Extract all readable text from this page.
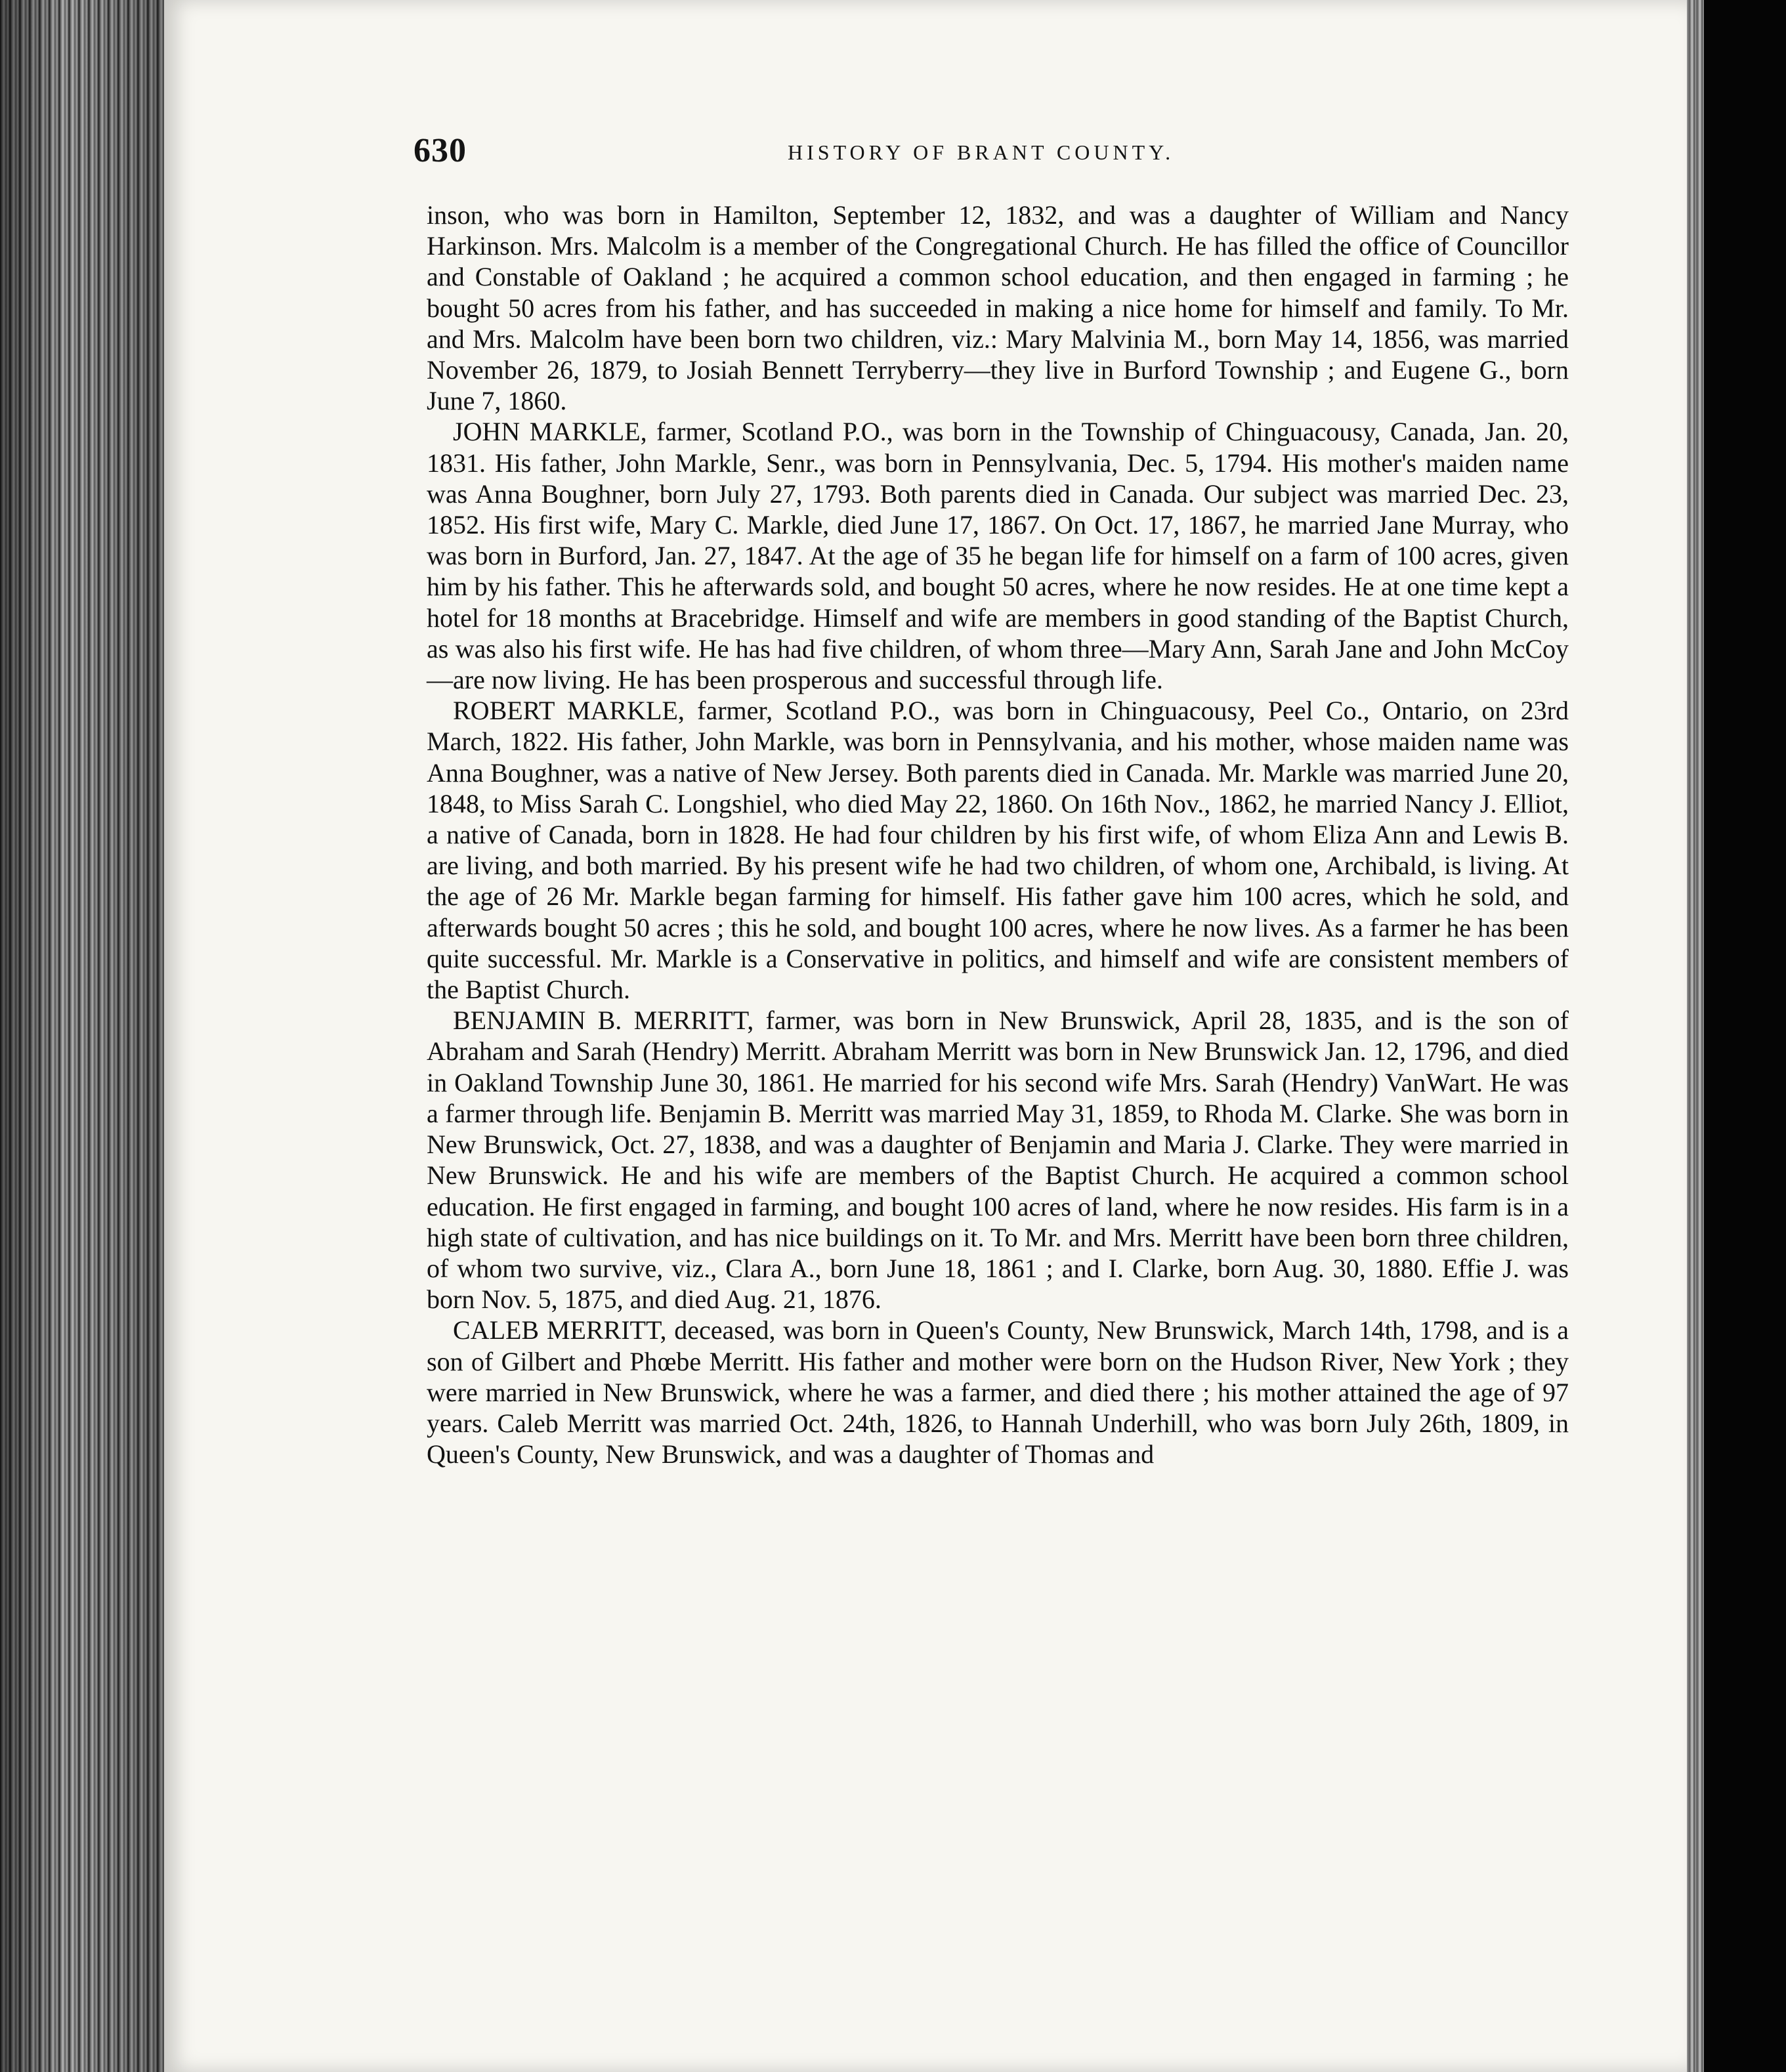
630	HISTORY OF BRANT COUNTY.

inson, who was born in Hamilton, September 12, 1832, and was a daughter of William and Nancy Harkinson. Mrs. Malcolm is a member of the Congregational Church. He has filled the office of Councillor and Constable of Oakland ; he acquired a common school education, and then engaged in farming ; he bought 50 acres from his father, and has succeeded in making a nice home for himself and family. To Mr. and Mrs. Malcolm have been born two children, viz.: Mary Malvinia M., born May 14, 1856, was married November 26, 1879, to Josiah Bennett Terryberry—they live in Burford Township ; and Eugene G., born June 7, 1860.

JOHN MARKLE, farmer, Scotland P.O., was born in the Township of Chinguacousy, Canada, Jan. 20, 1831. His father, John Markle, Senr., was born in Pennsylvania, Dec. 5, 1794. His mother's maiden name was Anna Boughner, born July 27, 1793. Both parents died in Canada. Our subject was married Dec. 23, 1852. His first wife, Mary C. Markle, died June 17, 1867. On Oct. 17, 1867, he married Jane Murray, who was born in Burford, Jan. 27, 1847. At the age of 35 he began life for himself on a farm of 100 acres, given him by his father. This he afterwards sold, and bought 50 acres, where he now resides. He at one time kept a hotel for 18 months at Bracebridge. Himself and wife are members in good standing of the Baptist Church, as was also his first wife. He has had five children, of whom three—Mary Ann, Sarah Jane and John McCoy—are now living. He has been prosperous and successful through life.

ROBERT MARKLE, farmer, Scotland P.O., was born in Chinguacousy, Peel Co., Ontario, on 23rd March, 1822. His father, John Markle, was born in Pennsylvania, and his mother, whose maiden name was Anna Boughner, was a native of New Jersey. Both parents died in Canada. Mr. Markle was married June 20, 1848, to Miss Sarah C. Longshiel, who died May 22, 1860. On 16th Nov., 1862, he married Nancy J. Elliot, a native of Canada, born in 1828. He had four children by his first wife, of whom Eliza Ann and Lewis B. are living, and both married. By his present wife he had two children, of whom one, Archibald, is living. At the age of 26 Mr. Markle began farming for himself. His father gave him 100 acres, which he sold, and afterwards bought 50 acres ; this he sold, and bought 100 acres, where he now lives. As a farmer he has been quite successful. Mr. Markle is a Conservative in politics, and himself and wife are consistent members of the Baptist Church.

BENJAMIN B. MERRITT, farmer, was born in New Brunswick, April 28, 1835, and is the son of Abraham and Sarah (Hendry) Merritt. Abraham Merritt was born in New Brunswick Jan. 12, 1796, and died in Oakland Township June 30, 1861. He married for his second wife Mrs. Sarah (Hendry) VanWart. He was a farmer through life. Benjamin B. Merritt was married May 31, 1859, to Rhoda M. Clarke. She was born in New Brunswick, Oct. 27, 1838, and was a daughter of Benjamin and Maria J. Clarke. They were married in New Brunswick. He and his wife are members of the Baptist Church. He acquired a common school education. He first engaged in farming, and bought 100 acres of land, where he now resides. His farm is in a high state of cultivation, and has nice buildings on it. To Mr. and Mrs. Merritt have been born three children, of whom two survive, viz., Clara A., born June 18, 1861 ; and I. Clarke, born Aug. 30, 1880. Effie J. was born Nov. 5, 1875, and died Aug. 21, 1876.

CALEB MERRITT, deceased, was born in Queen's County, New Brunswick, March 14th, 1798, and is a son of Gilbert and Phœbe Merritt. His father and mother were born on the Hudson River, New York ; they were married in New Brunswick, where he was a farmer, and died there ; his mother attained the age of 97 years. Caleb Merritt was married Oct. 24th, 1826, to Hannah Underhill, who was born July 26th, 1809, in Queen's County, New Brunswick, and was a daughter of Thomas and
